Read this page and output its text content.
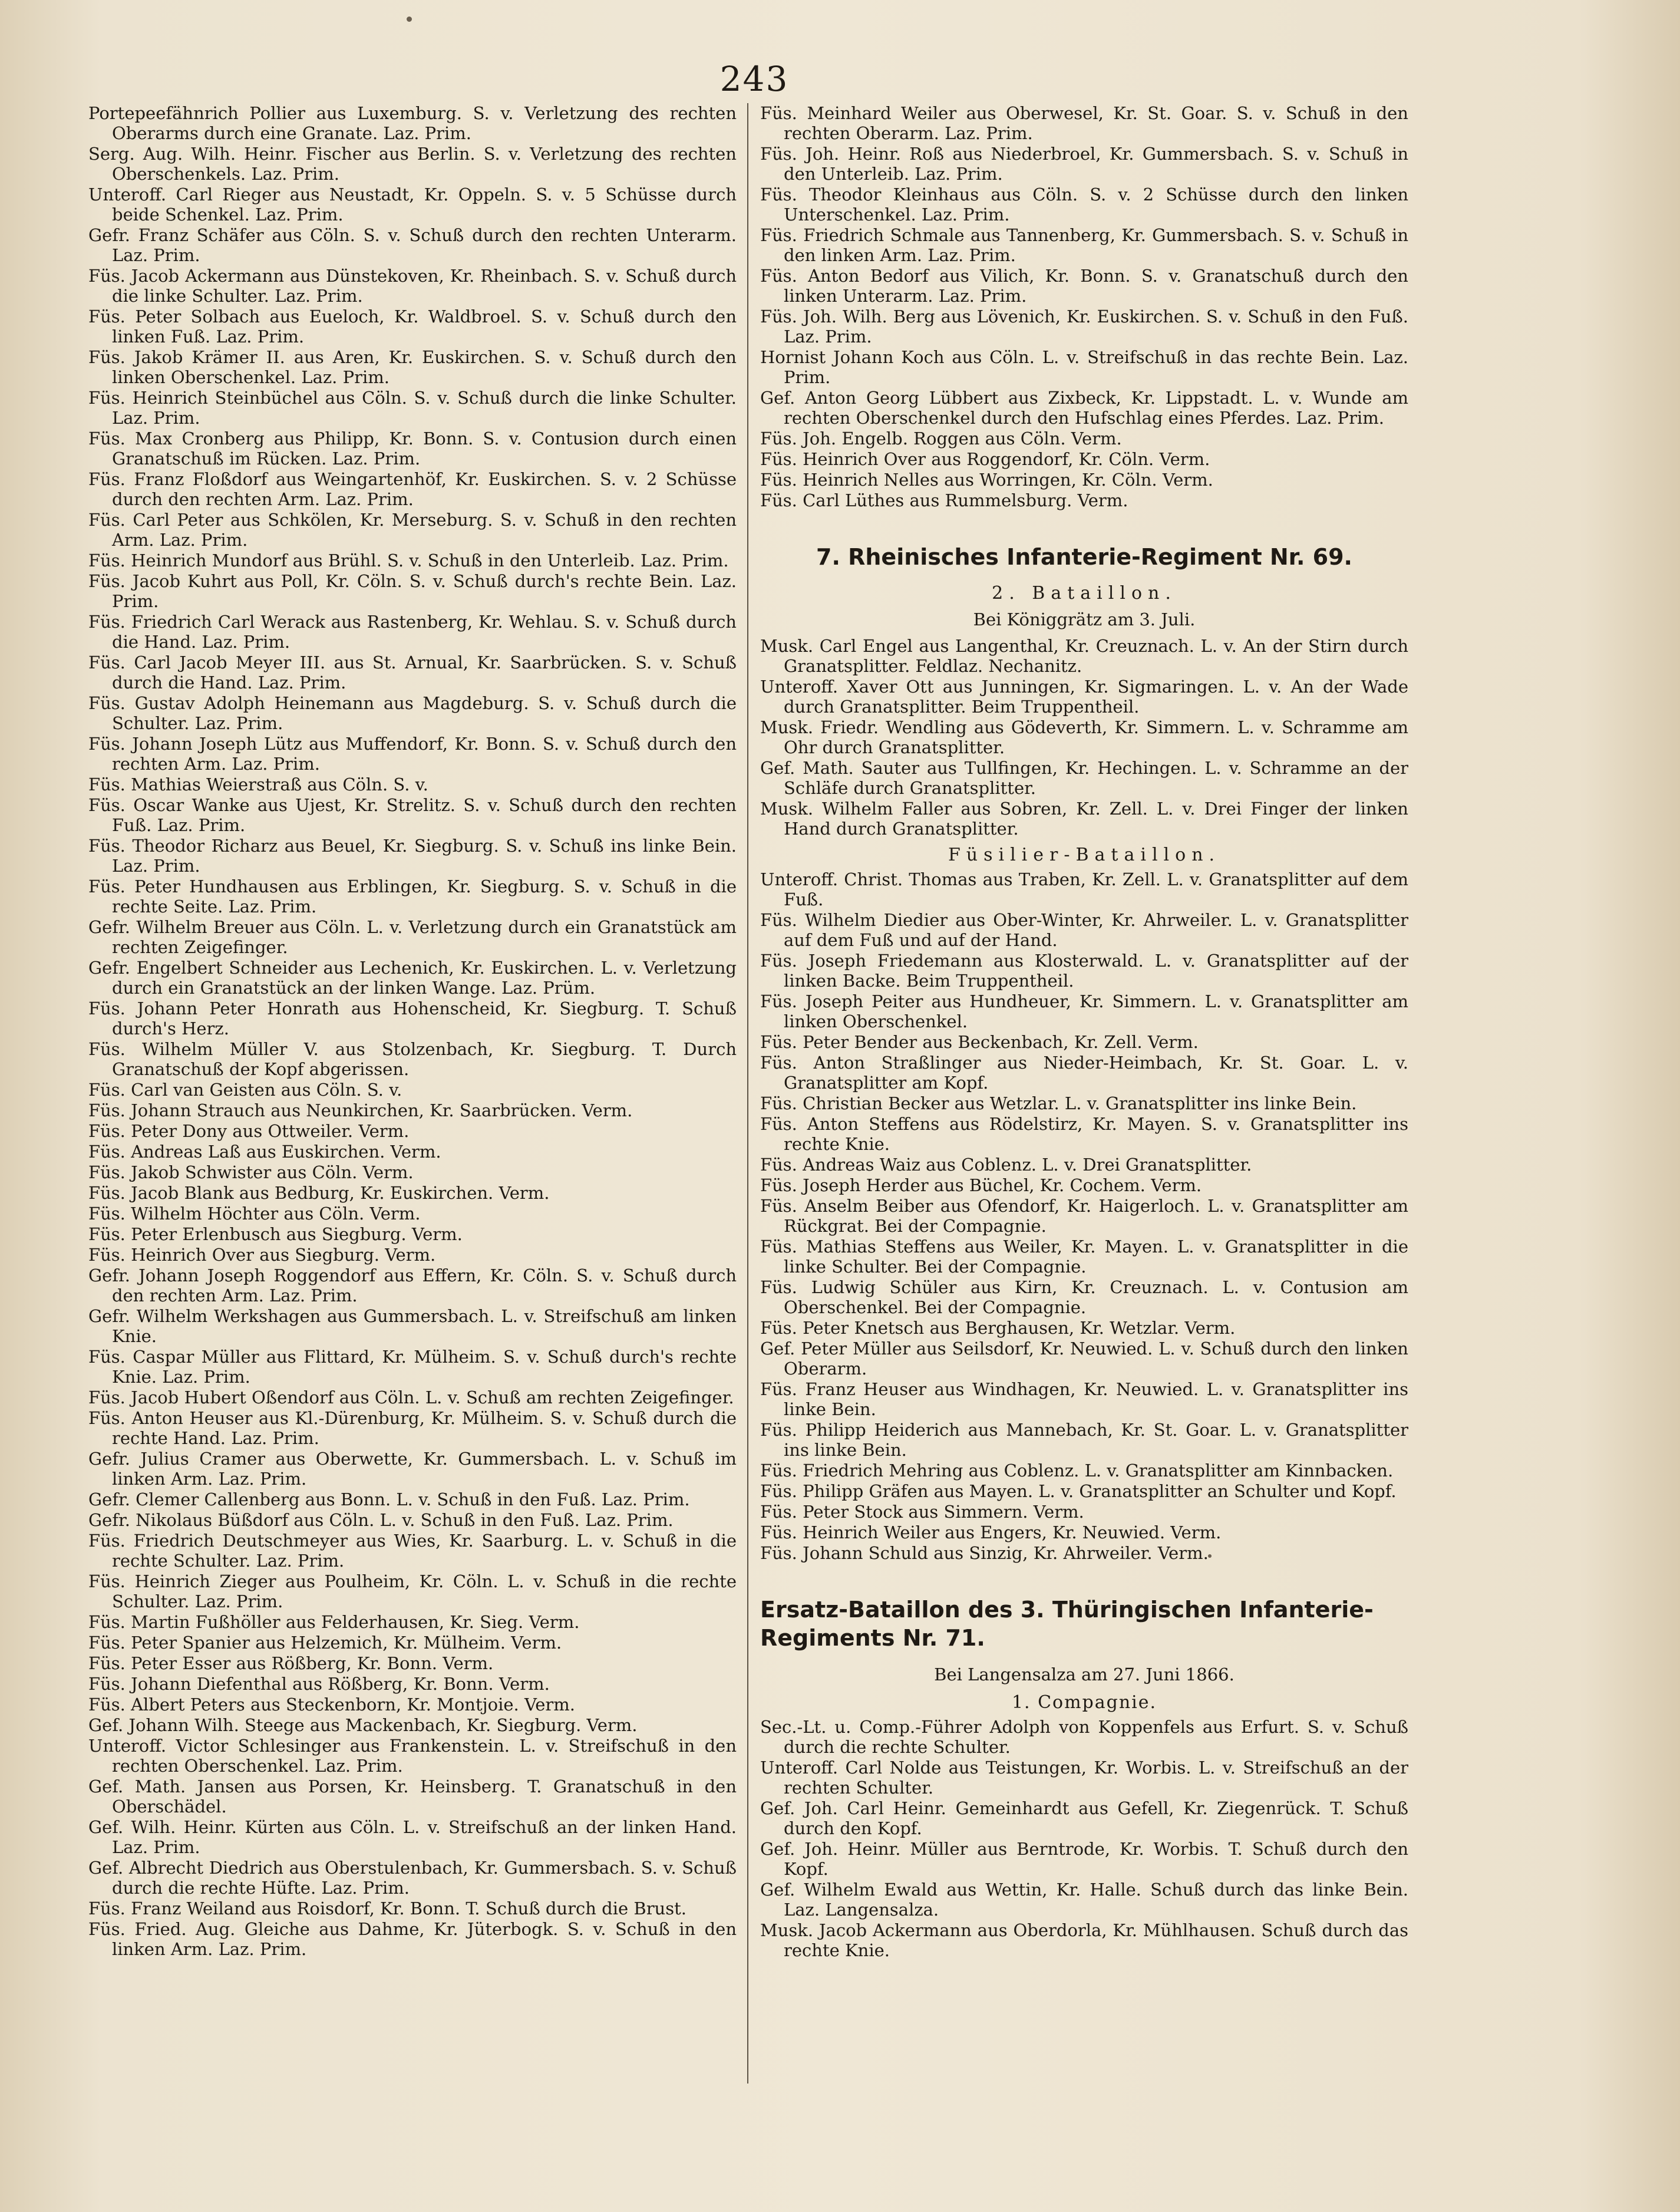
243
Portepeefähnrich Pollier aus Luxemburg. S. v. Verletzung des rechten Oberarms durch eine Granate. Laz. Prim.
Serg. Aug. Wilh. Heinr. Fischer aus Berlin. S. v. Verletzung des rechten Oberschenkels. Laz. Prim.
Unteroff. Carl Rieger aus Neustadt, Kr. Oppeln. S. v. 5 Schüsse durch beide Schenkel. Laz. Prim.
Gefr. Franz Schäfer aus Cöln. S. v. Schuß durch den rechten Unterarm. Laz. Prim.
Füs. Jacob Ackermann aus Dünstekoven, Kr. Rheinbach. S. v. Schuß durch die linke Schulter. Laz. Prim.
Füs. Peter Solbach aus Eueloch, Kr. Waldbroel. S. v. Schuß durch den linken Fuß. Laz. Prim.
Füs. Jakob Krämer II. aus Aren, Kr. Euskirchen. S. v. Schuß durch den linken Oberschenkel. Laz. Prim.
Füs. Heinrich Steinbüchel aus Cöln. S. v. Schuß durch die linke Schulter. Laz. Prim.
Füs. Max Cronberg aus Philipp, Kr. Bonn. S. v. Contusion durch einen Granatschuß im Rücken. Laz. Prim.
Füs. Franz Floßdorf aus Weingartenhöf, Kr. Euskirchen. S. v. 2 Schüsse durch den rechten Arm. Laz. Prim.
Füs. Carl Peter aus Schkölen, Kr. Merseburg. S. v. Schuß in den rechten Arm. Laz. Prim.
Füs. Heinrich Mundorf aus Brühl. S. v. Schuß in den Unterleib. Laz. Prim.
Füs. Jacob Kuhrt aus Poll, Kr. Cöln. S. v. Schuß durch's rechte Bein. Laz. Prim.
Füs. Friedrich Carl Werack aus Rastenberg, Kr. Wehlau. S. v. Schuß durch die Hand. Laz. Prim.
Füs. Carl Jacob Meyer III. aus St. Arnual, Kr. Saarbrücken. S. v. Schuß durch die Hand. Laz. Prim.
Füs. Gustav Adolph Heinemann aus Magdeburg. S. v. Schuß durch die Schulter. Laz. Prim.
Füs. Johann Joseph Lütz aus Muffendorf, Kr. Bonn. S. v. Schuß durch den rechten Arm. Laz. Prim.
Füs. Mathias Weierstraß aus Cöln. S. v.
Füs. Oscar Wanke aus Ujest, Kr. Strelitz. S. v. Schuß durch den rechten Fuß. Laz. Prim.
Füs. Theodor Richarz aus Beuel, Kr. Siegburg. S. v. Schuß ins linke Bein. Laz. Prim.
Füs. Peter Hundhausen aus Erblingen, Kr. Siegburg. S. v. Schuß in die rechte Seite. Laz. Prim.
Gefr. Wilhelm Breuer aus Cöln. L. v. Verletzung durch ein Granatstück am rechten Zeigefinger.
Gefr. Engelbert Schneider aus Lechenich, Kr. Euskirchen. L. v. Verletzung durch ein Granatstück an der linken Wange. Laz. Prüm.
Füs. Johann Peter Honrath aus Hohenscheid, Kr. Siegburg. T. Schuß durch's Herz.
Füs. Wilhelm Müller V. aus Stolzenbach, Kr. Siegburg. T. Durch Granatschuß der Kopf abgerissen.
Füs. Carl van Geisten aus Cöln. S. v.
Füs. Johann Strauch aus Neunkirchen, Kr. Saarbrücken. Verm.
Füs. Peter Dony aus Ottweiler. Verm.
Füs. Andreas Laß aus Euskirchen. Verm.
Füs. Jakob Schwister aus Cöln. Verm.
Füs. Jacob Blank aus Bedburg, Kr. Euskirchen. Verm.
Füs. Wilhelm Höchter aus Cöln. Verm.
Füs. Peter Erlenbusch aus Siegburg. Verm.
Füs. Heinrich Over aus Siegburg. Verm.
Gefr. Johann Joseph Roggendorf aus Effern, Kr. Cöln. S. v. Schuß durch den rechten Arm. Laz. Prim.
Gefr. Wilhelm Werkshagen aus Gummersbach. L. v. Streifschuß am linken Knie.
Füs. Caspar Müller aus Flittard, Kr. Mülheim. S. v. Schuß durch's rechte Knie. Laz. Prim.
Füs. Jacob Hubert Oßendorf aus Cöln. L. v. Schuß am rechten Zeigefinger.
Füs. Anton Heuser aus Kl.-Dürenburg, Kr. Mülheim. S. v. Schuß durch die rechte Hand. Laz. Prim.
Gefr. Julius Cramer aus Oberwette, Kr. Gummersbach. L. v. Schuß im linken Arm. Laz. Prim.
Gefr. Clemer Callenberg aus Bonn. L. v. Schuß in den Fuß. Laz. Prim.
Gefr. Nikolaus Büßdorf aus Cöln. L. v. Schuß in den Fuß. Laz. Prim.
Füs. Friedrich Deutschmeyer aus Wies, Kr. Saarburg. L. v. Schuß in die rechte Schulter. Laz. Prim.
Füs. Heinrich Zieger aus Poulheim, Kr. Cöln. L. v. Schuß in die rechte Schulter. Laz. Prim.
Füs. Martin Fußhöller aus Felderhausen, Kr. Sieg. Verm.
Füs. Peter Spanier aus Helzemich, Kr. Mülheim. Verm.
Füs. Peter Esser aus Rößberg, Kr. Bonn. Verm.
Füs. Johann Diefenthal aus Rößberg, Kr. Bonn. Verm.
Füs. Albert Peters aus Steckenborn, Kr. Montjoie. Verm.
Gef. Johann Wilh. Steege aus Mackenbach, Kr. Siegburg. Verm.
Unteroff. Victor Schlesinger aus Frankenstein. L. v. Streifschuß in den rechten Oberschenkel. Laz. Prim.
Gef. Math. Jansen aus Porsen, Kr. Heinsberg. T. Granatschuß in den Oberschädel.
Gef. Wilh. Heinr. Kürten aus Cöln. L. v. Streifschuß an der linken Hand. Laz. Prim.
Gef. Albrecht Diedrich aus Oberstulenbach, Kr. Gummersbach. S. v. Schuß durch die rechte Hüfte. Laz. Prim.
Füs. Franz Weiland aus Roisdorf, Kr. Bonn. T. Schuß durch die Brust.
Füs. Fried. Aug. Gleiche aus Dahme, Kr. Jüterbogk. S. v. Schuß in den linken Arm. Laz. Prim.
Füs. Meinhard Weiler aus Oberwesel, Kr. St. Goar. S. v. Schuß in den rechten Oberarm. Laz. Prim.
Füs. Joh. Heinr. Roß aus Niederbroel, Kr. Gummersbach. S. v. Schuß in den Unterleib. Laz. Prim.
Füs. Theodor Kleinhaus aus Cöln. S. v. 2 Schüsse durch den linken Unterschenkel. Laz. Prim.
Füs. Friedrich Schmale aus Tannenberg, Kr. Gummersbach. S. v. Schuß in den linken Arm. Laz. Prim.
Füs. Anton Bedorf aus Vilich, Kr. Bonn. S. v. Granatschuß durch den linken Unterarm. Laz. Prim.
Füs. Joh. Wilh. Berg aus Lövenich, Kr. Euskirchen. S. v. Schuß in den Fuß. Laz. Prim.
Hornist Johann Koch aus Cöln. L. v. Streifschuß in das rechte Bein. Laz. Prim.
Gef. Anton Georg Lübbert aus Zixbeck, Kr. Lippstadt. L. v. Wunde am rechten Oberschenkel durch den Hufschlag eines Pferdes. Laz. Prim.
Füs. Joh. Engelb. Roggen aus Cöln. Verm.
Füs. Heinrich Over aus Roggendorf, Kr. Cöln. Verm.
Füs. Heinrich Nelles aus Worringen, Kr. Cöln. Verm.
Füs. Carl Lüthes aus Rummelsburg. Verm.
7. Rheinisches Infanterie-Regiment Nr. 69.
2. Bataillon.
Bei Königgrätz am 3. Juli.
Musk. Carl Engel aus Langenthal, Kr. Creuznach. L. v. An der Stirn durch Granatsplitter. Feldlaz. Nechanitz.
Unteroff. Xaver Ott aus Junningen, Kr. Sigmaringen. L. v. An der Wade durch Granatsplitter. Beim Truppentheil.
Musk. Friedr. Wendling aus Gödeverth, Kr. Simmern. L. v. Schramme am Ohr durch Granatsplitter.
Gef. Math. Sauter aus Tullfingen, Kr. Hechingen. L. v. Schramme an der Schläfe durch Granatsplitter.
Musk. Wilhelm Faller aus Sobren, Kr. Zell. L. v. Drei Finger der linken Hand durch Granatsplitter.
Füsilier-Bataillon.
Unteroff. Christ. Thomas aus Traben, Kr. Zell. L. v. Granatsplitter auf dem Fuß.
Füs. Wilhelm Diedier aus Ober-Winter, Kr. Ahrweiler. L. v. Granatsplitter auf dem Fuß und auf der Hand.
Füs. Joseph Friedemann aus Klosterwald. L. v. Granatsplitter auf der linken Backe. Beim Truppentheil.
Füs. Joseph Peiter aus Hundheuer, Kr. Simmern. L. v. Granatsplitter am linken Oberschenkel.
Füs. Peter Bender aus Beckenbach, Kr. Zell. Verm.
Füs. Anton Straßlinger aus Nieder-Heimbach, Kr. St. Goar. L. v. Granatsplitter am Kopf.
Füs. Christian Becker aus Wetzlar. L. v. Granatsplitter ins linke Bein.
Füs. Anton Steffens aus Rödelstirz, Kr. Mayen. S. v. Granatsplitter ins rechte Knie.
Füs. Andreas Waiz aus Coblenz. L. v. Drei Granatsplitter.
Füs. Joseph Herder aus Büchel, Kr. Cochem. Verm.
Füs. Anselm Beiber aus Ofendorf, Kr. Haigerloch. L. v. Granatsplitter am Rückgrat. Bei der Compagnie.
Füs. Mathias Steffens aus Weiler, Kr. Mayen. L. v. Granatsplitter in die linke Schulter. Bei der Compagnie.
Füs. Ludwig Schüler aus Kirn, Kr. Creuznach. L. v. Contusion am Oberschenkel. Bei der Compagnie.
Füs. Peter Knetsch aus Berghausen, Kr. Wetzlar. Verm.
Gef. Peter Müller aus Seilsdorf, Kr. Neuwied. L. v. Schuß durch den linken Oberarm.
Füs. Franz Heuser aus Windhagen, Kr. Neuwied. L. v. Granatsplitter ins linke Bein.
Füs. Philipp Heiderich aus Mannebach, Kr. St. Goar. L. v. Granatsplitter ins linke Bein.
Füs. Friedrich Mehring aus Coblenz. L. v. Granatsplitter am Kinnbacken.
Füs. Philipp Gräfen aus Mayen. L. v. Granatsplitter an Schulter und Kopf.
Füs. Peter Stock aus Simmern. Verm.
Füs. Heinrich Weiler aus Engers, Kr. Neuwied. Verm.
Füs. Johann Schuld aus Sinzig, Kr. Ahrweiler. Verm.
Ersatz-Bataillon des 3. Thüringischen Infanterie-Regiments Nr. 71.
Bei Langensalza am 27. Juni 1866.
1. Compagnie.
Sec.-Lt. u. Comp.-Führer Adolph von Koppenfels aus Erfurt. S. v. Schuß durch die rechte Schulter.
Unteroff. Carl Nolde aus Teistungen, Kr. Worbis. L. v. Streifschuß an der rechten Schulter.
Gef. Joh. Carl Heinr. Gemeinhardt aus Gefell, Kr. Ziegenrück. T. Schuß durch den Kopf.
Gef. Joh. Heinr. Müller aus Berntrode, Kr. Worbis. T. Schuß durch den Kopf.
Gef. Wilhelm Ewald aus Wettin, Kr. Halle. Schuß durch das linke Bein. Laz. Langensalza.
Musk. Jacob Ackermann aus Oberdorla, Kr. Mühlhausen. Schuß durch das rechte Knie.
